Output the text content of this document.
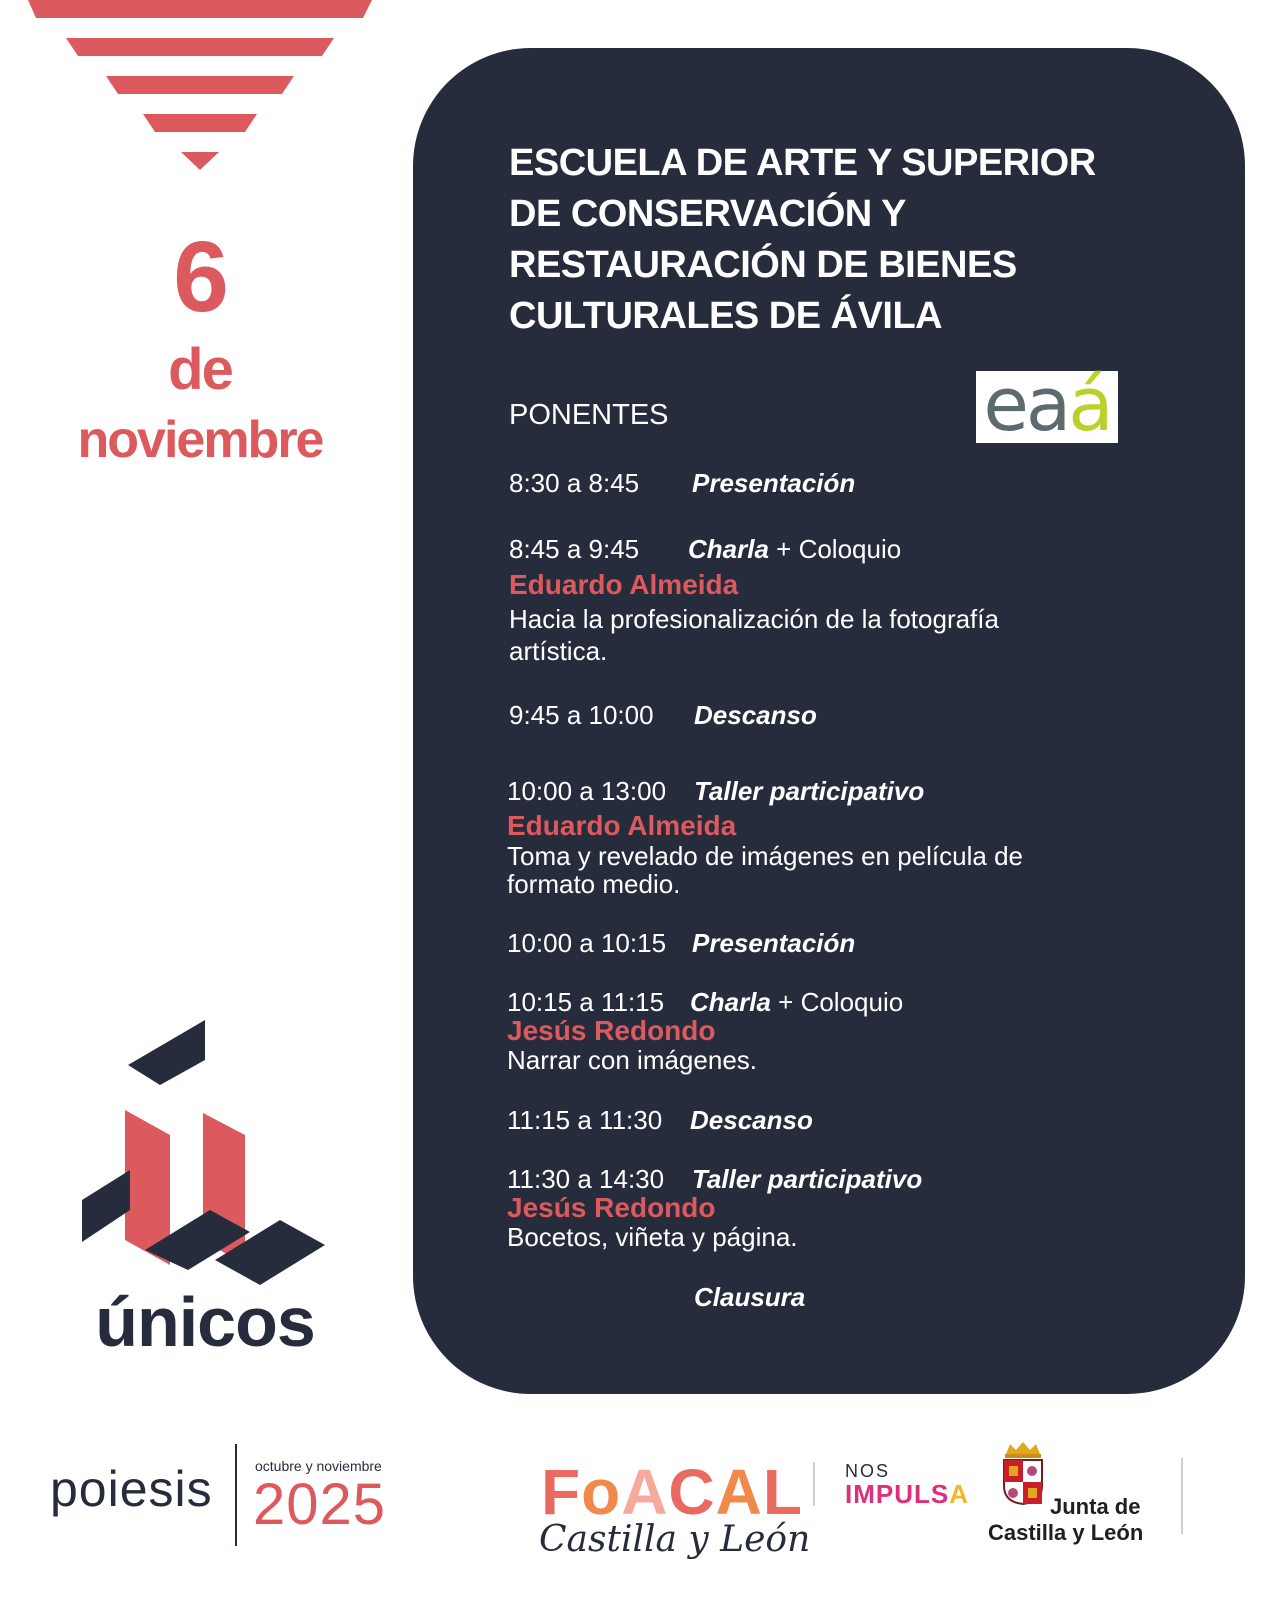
6
de
noviembre
únicos
ESCUELA DE ARTE Y SUPERIOR
DE CONSERVACIÓN Y
RESTAURACIÓN DE BIENES
CULTURALES DE ÁVILA
PONENTES	eaá
8:30 a 8:45 Presentación
8:45 a 9:45 Charla + Coloquio
Eduardo Almeida
Hacia la profesionalización de la fotografía
artística.
9:45 a 10:00 Descanso
10:00 a 13:00 Taller participativo
Eduardo Almeida
Toma y revelado de imágenes en película de
formato medio.
10:00 a 10:15 Presentación
10:15 a 11:15 Charla + Coloquio
Jesús Redondo
Narrar con imágenes.
11:15 a 11:30 Descanso
11:30 a 14:30 Taller participativo
Jesús Redondo
Bocetos, viñeta y página.
Clausura
poiesis	octubre y noviembre
2025 FoACAL
Castilla y León
NOS
IMPULSA	Junta de
Castilla y León
